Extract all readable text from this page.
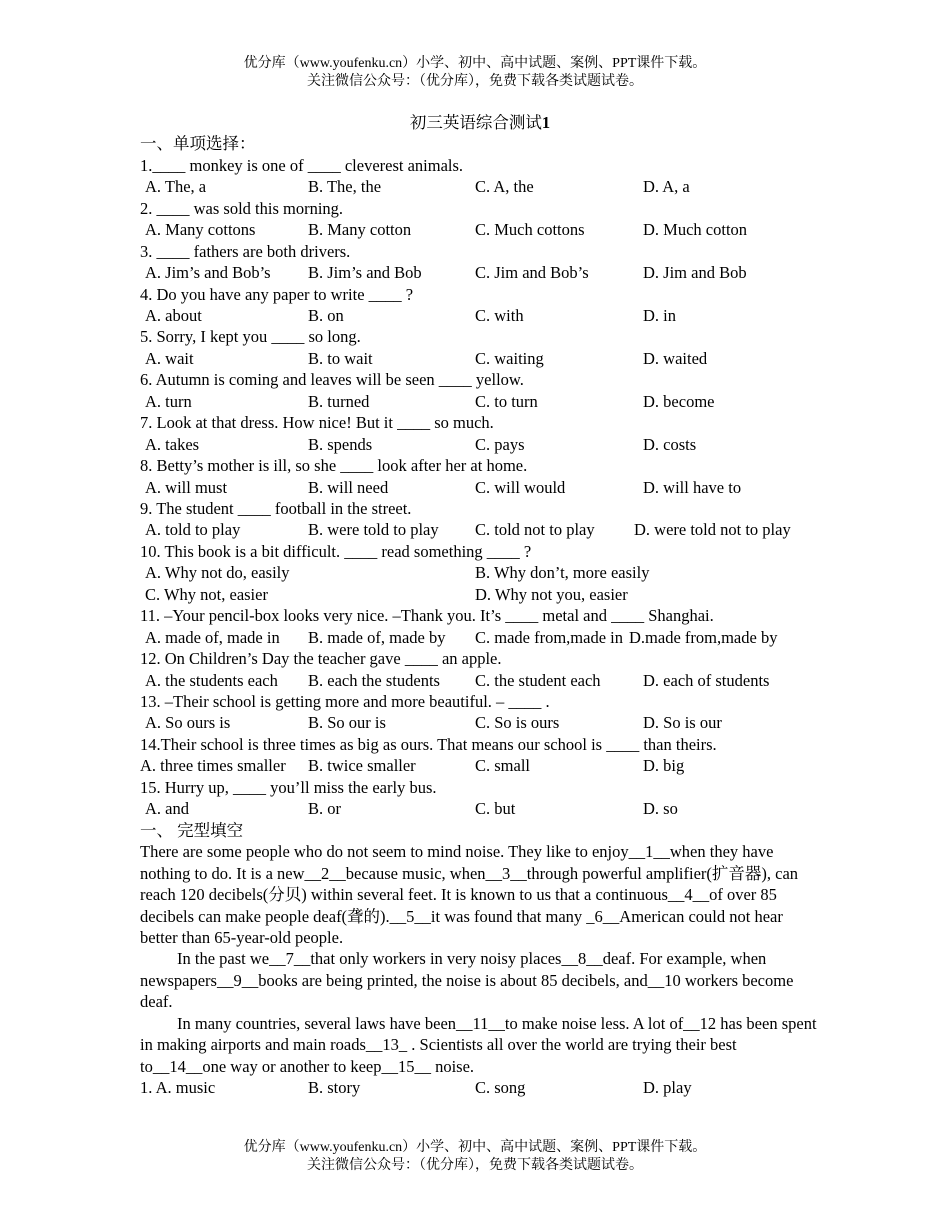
优分库（www.youfenku.cn）小学、初中、高中试题、案例、PPT课件下载。
关注微信公众号：（优分库），免费下载各类试题试卷。
初三英语综合测试1
一、单项选择：
1.____ monkey is one of ____ cleverest animals.
A. The, a	B. The, the	C. A, the	D. A, a
2. ____ was sold this morning.
A. Many cottons	B. Many cotton	C. Much cottons	D. Much cotton
3. ____ fathers are both drivers.
A. Jim’s and Bob’s B. Jim’s and Bob	C. Jim and Bob’s	D. Jim and Bob
4. Do you have any paper to write ____ ?
A. about	B. on	C. with	D. in
5. Sorry, I kept you ____ so long.
A. wait	B. to wait	C. waiting	D. waited
6. Autumn is coming and leaves will be seen ____ yellow.
A. turn	B. turned	C. to turn	D. become
7. Look at that dress. How nice! But it ____ so much.
A. takes	B. spends	C. pays	D. costs
8. Betty’s mother is ill, so she ____ look after her at home.
A. will must	B. will need	C. will would	D. will have to
9. The student ____ football in the street.
A. told to play	B. were told to play C. told not to play D. were told not to play
10. This book is a bit difficult. ____ read something ____ ?
A. Why not do, easily	B. Why don’t, more easily
C. Why not, easier	D. Why not you, easier
11. –Your pencil-box looks very nice. –Thank you. It’s ____ metal and ____ Shanghai.
A. made of, made in B. made of, made by C. made from,made in D.made from,made by
12. On Children’s Day the teacher gave ____ an apple.
A. the students each B. each the students C. the student each	D. each of students
13. –Their school is getting more and more beautiful. – ____ .
A. So ours is	B. So our is	C. So is ours	D. So is our
14.Their school is three times as big as ours. That means our school is ____ than theirs.
A. three times smaller B. twice smaller	C. small	D. big
15. Hurry up, ____ you’ll miss the early bus.
A. and	B. or	C. but	D. so
一、 完型填空
There are some people who do not seem to mind noise. They like to enjoy__1__when they have nothing to do. It is a new__2__because music, when__3__through powerful amplifier(扩音器), can reach 120 decibels(分贝) within several feet. It is known to us that a continuous__4__of over 85 decibels can make people deaf(聋的).__5__it was found that many _6__American could not hear better than 65-year-old people.
In the past we__7__that only workers in very noisy places__8__deaf. For example, when newspapers__9__books are being printed, the noise is about 85 decibels, and__10 workers become deaf.
In many countries, several laws have been__11__to make noise less. A lot of__12 has been spent in making airports and main roads__13_ . Scientists all over the world are trying their best to__14__one way or another to keep__15__ noise.
1. A. music	B. story	C. song	D. play
优分库（www.youfenku.cn）小学、初中、高中试题、案例、PPT课件下载。
关注微信公众号：（优分库），免费下载各类试题试卷。
